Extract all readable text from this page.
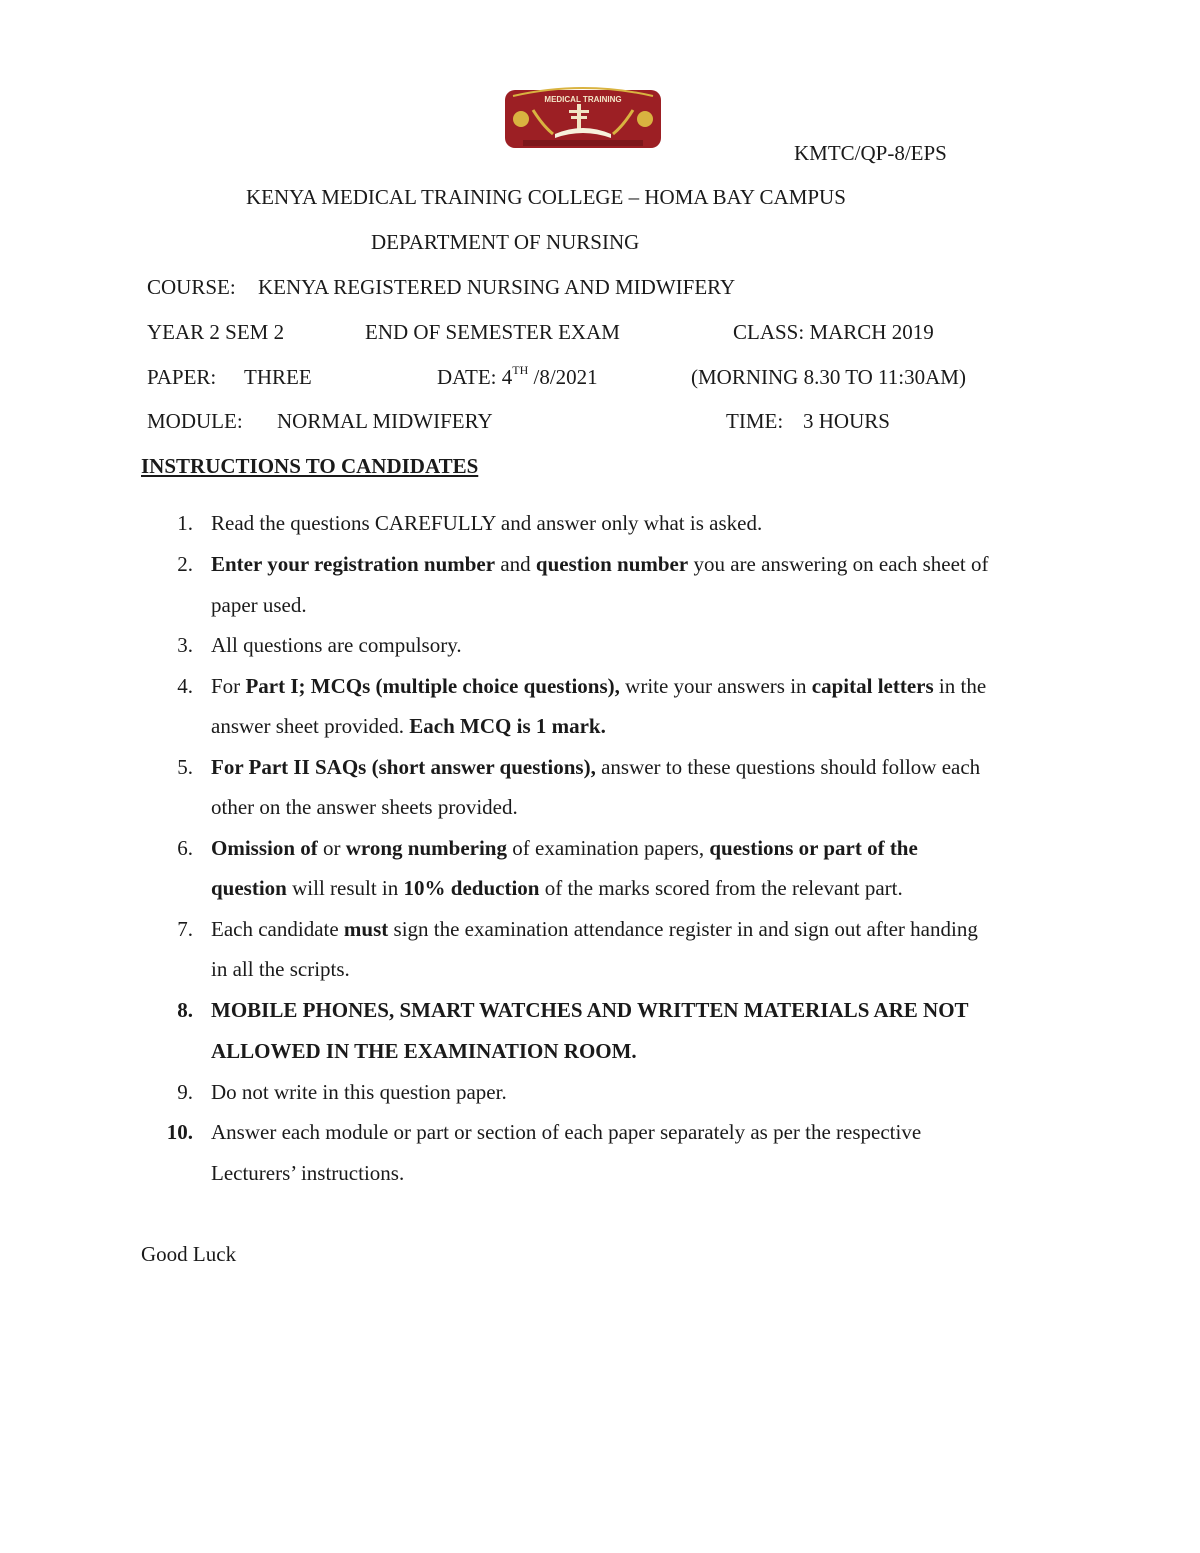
MEDICAL TRAINING
KMTC/QP-8/EPS
KENYA MEDICAL TRAINING COLLEGE – HOMA BAY CAMPUS
DEPARTMENT OF NURSING
COURSE: KENYA REGISTERED NURSING AND MIDWIFERY
YEAR 2 SEM 2	END OF SEMESTER EXAM	CLASS: MARCH 2019
PAPER: THREE	DATE: 4TH /8/2021	(MORNING 8.30 TO 11:30AM)
MODULE: NORMAL MIDWIFERY	TIME: 3 HOURS
INSTRUCTIONS TO CANDIDATES
1. Read the questions CAREFULLY and answer only what is asked.
2. Enter your registration number and question number you are answering on each sheet of
paper used.
3. All questions are compulsory.
4. For Part I; MCQs (multiple choice questions), write your answers in capital letters in the
answer sheet provided. Each MCQ is 1 mark.
5. For Part II SAQs (short answer questions), answer to these questions should follow each
other on the answer sheets provided.
6. Omission of or wrong numbering of examination papers, questions or part of the
question will result in 10% deduction of the marks scored from the relevant part.
7. Each candidate must sign the examination attendance register in and sign out after handing
in all the scripts.
8. MOBILE PHONES, SMART WATCHES AND WRITTEN MATERIALS ARE NOT
ALLOWED IN THE EXAMINATION ROOM.
9. Do not write in this question paper.
10. Answer each module or part or section of each paper separately as per the respective
Lecturers’ instructions.
Good Luck
